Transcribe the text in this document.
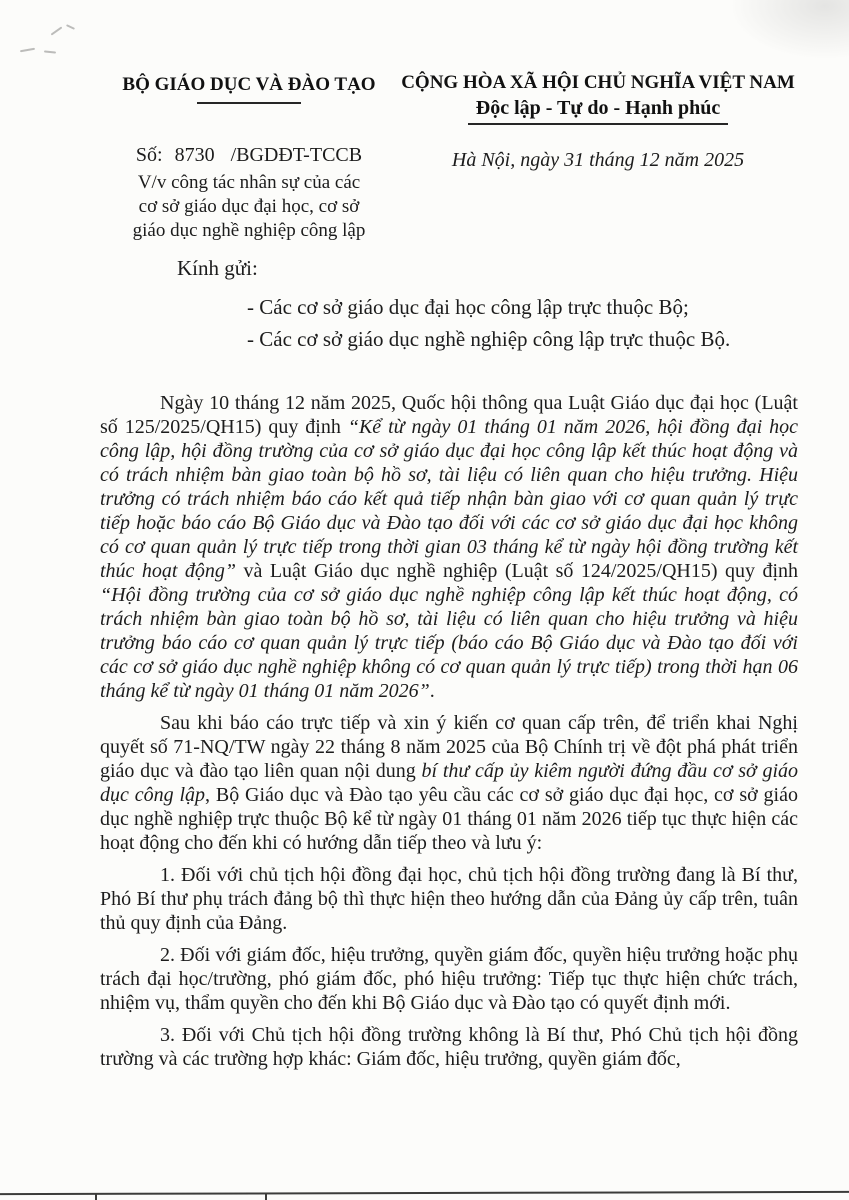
BỘ GIÁO DỤC VÀ ĐÀO TẠO
Số: 8730 /BGDĐT-TCCB
V/v công tác nhân sự của các
cơ sở giáo dục đại học, cơ sở
giáo dục nghề nghiệp công lập
CỘNG HÒA XÃ HỘI CHỦ NGHĨA VIỆT NAM
Độc lập - Tự do - Hạnh phúc
Hà Nội, ngày 31 tháng 12 năm 2025
Kính gửi:
- Các cơ sở giáo dục đại học công lập trực thuộc Bộ;
- Các cơ sở giáo dục nghề nghiệp công lập trực thuộc Bộ.

Ngày 10 tháng 12 năm 2025, Quốc hội thông qua Luật Giáo dục đại học (Luật số 125/2025/QH15) quy định “Kể từ ngày 01 tháng 01 năm 2026, hội đồng đại học công lập, hội đồng trường của cơ sở giáo dục đại học công lập kết thúc hoạt động và có trách nhiệm bàn giao toàn bộ hồ sơ, tài liệu có liên quan cho hiệu trưởng. Hiệu trưởng có trách nhiệm báo cáo kết quả tiếp nhận bàn giao với cơ quan quản lý trực tiếp hoặc báo cáo Bộ Giáo dục và Đào tạo đối với các cơ sở giáo dục đại học không có cơ quan quản lý trực tiếp trong thời gian 03 tháng kể từ ngày hội đồng trường kết thúc hoạt động” và Luật Giáo dục nghề nghiệp (Luật số 124/2025/QH15) quy định “Hội đồng trường của cơ sở giáo dục nghề nghiệp công lập kết thúc hoạt động, có trách nhiệm bàn giao toàn bộ hồ sơ, tài liệu có liên quan cho hiệu trưởng và hiệu trưởng báo cáo cơ quan quản lý trực tiếp (báo cáo Bộ Giáo dục và Đào tạo đối với các cơ sở giáo dục nghề nghiệp không có cơ quan quản lý trực tiếp) trong thời hạn 06 tháng kể từ ngày 01 tháng 01 năm 2026”.

Sau khi báo cáo trực tiếp và xin ý kiến cơ quan cấp trên, để triển khai Nghị quyết số 71-NQ/TW ngày 22 tháng 8 năm 2025 của Bộ Chính trị về đột phá phát triển giáo dục và đào tạo liên quan nội dung bí thư cấp ủy kiêm người đứng đầu cơ sở giáo dục công lập, Bộ Giáo dục và Đào tạo yêu cầu các cơ sở giáo dục đại học, cơ sở giáo dục nghề nghiệp trực thuộc Bộ kể từ ngày 01 tháng 01 năm 2026 tiếp tục thực hiện các hoạt động cho đến khi có hướng dẫn tiếp theo và lưu ý:

1. Đối với chủ tịch hội đồng đại học, chủ tịch hội đồng trường đang là Bí thư, Phó Bí thư phụ trách đảng bộ thì thực hiện theo hướng dẫn của Đảng ủy cấp trên, tuân thủ quy định của Đảng.

2. Đối với giám đốc, hiệu trưởng, quyền giám đốc, quyền hiệu trưởng hoặc phụ trách đại học/trường, phó giám đốc, phó hiệu trưởng: Tiếp tục thực hiện chức trách, nhiệm vụ, thẩm quyền cho đến khi Bộ Giáo dục và Đào tạo có quyết định mới.

3. Đối với Chủ tịch hội đồng trường không là Bí thư, Phó Chủ tịch hội đồng trường và các trường hợp khác: Giám đốc, hiệu trưởng, quyền giám đốc,
